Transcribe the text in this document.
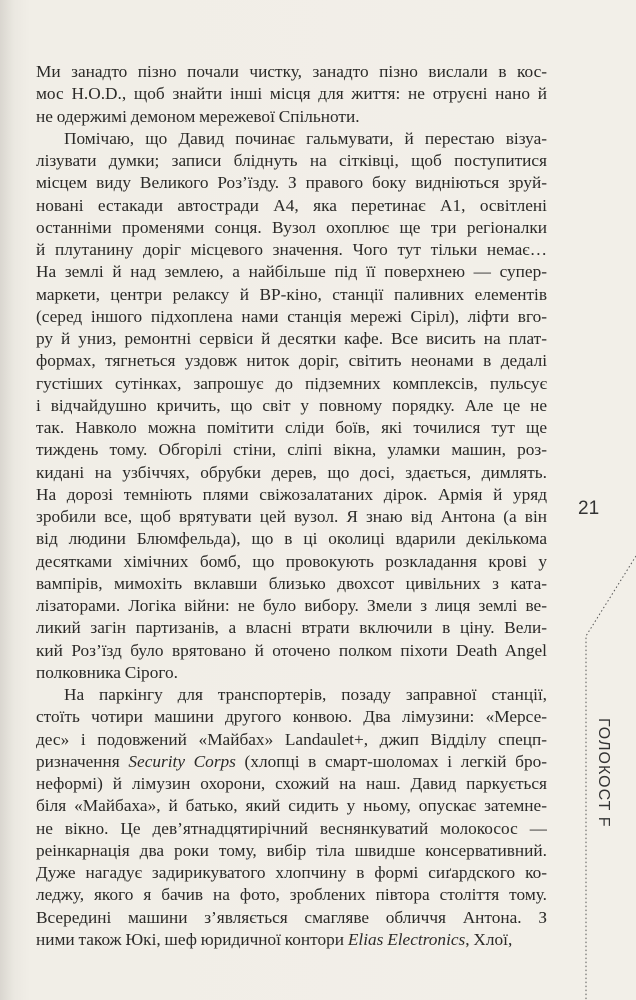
Ми занадто пізно почали чистку, занадто пізно вислали в кос-
мос H.O.D., щоб знайти інші місця для життя: не отруєні нано й
не одержимі демоном мережевої Спільноти.
Помічаю, що Давид починає гальмувати, й перестаю візуа-
лізувати думки; записи бліднуть на сітківці, щоб поступитися
місцем виду Великого Роз’їзду. З правого боку видніються зруй-
новані естакади автостради A4, яка перетинає A1, освітлені
останніми променями сонця. Вузол охоплює ще три регіоналки
й плутанину доріг місцевого значення. Чого тут тільки немає…
На землі й над землею, а найбільше під її поверхнею — супер-
маркети, центри релаксу й ВР-кіно, станції паливних елементів
(серед іншого підхоплена нами станція мережі Сіріл), ліфти вго-
ру й униз, ремонтні сервіси й десятки кафе. Все висить на плат-
формах, тягнеться уздовж ниток доріг, світить неонами в дедалі
густіших сутінках, запрошує до підземних комплексів, пульсує
і відчайдушно кричить, що світ у повному порядку. Але це не
так. Навколо можна помітити сліди боїв, які точилися тут ще
тиждень тому. Обгорілі стіни, сліпі вікна, уламки машин, роз-
кидані на узбіччях, обрубки дерев, що досі, здається, димлять.
На дорозі темніють плями свіжозалатаних дірок. Армія й уряд
зробили все, щоб врятувати цей вузол. Я знаю від Антона (а він
від людини Блюмфельда), що в ці околиці вдарили декількома
десятками хімічних бомб, що провокують розкладання крові у
вампірів, мимохіть вклавши близько двохсот цивільних з ката-
лізаторами. Логіка війни: не було вибору. Змели з лиця землі ве-
ликий загін партизанів, а власні втрати включили в ціну. Вели-
кий Роз’їзд було врятовано й оточено полком піхоти Death Angel
полковника Сірого.
На паркінгу для транспортерів, позаду заправної станції,
стоїть чотири машини другого конвою. Два лімузини: «Мерсе-
дес» і подовжений «Майбах» Landaulet+, джип Відділу спецп-
ризначення Security Corps (хлопці в смарт-шоломах і легкій бро-
неформі) й лімузин охорони, схожий на наш. Давид паркується
біля «Майбаха», й батько, який сидить у ньому, опускає затемне-
не вікно. Це дев’ятнадцятирічний веснянкуватий молокосос —
реінкарнація два роки тому, вибір тіла швидше консервативний.
Дуже нагадує задирикуватого хлопчину в формі сиґардского ко-
леджу, якого я бачив на фото, зроблених півтора століття тому.
Всередині машини з’являється смагляве обличчя Антона. З
ними також Юкі, шеф юридичної контори Elias Electronics, Хлої,
21
ГОЛОКОСТ F
